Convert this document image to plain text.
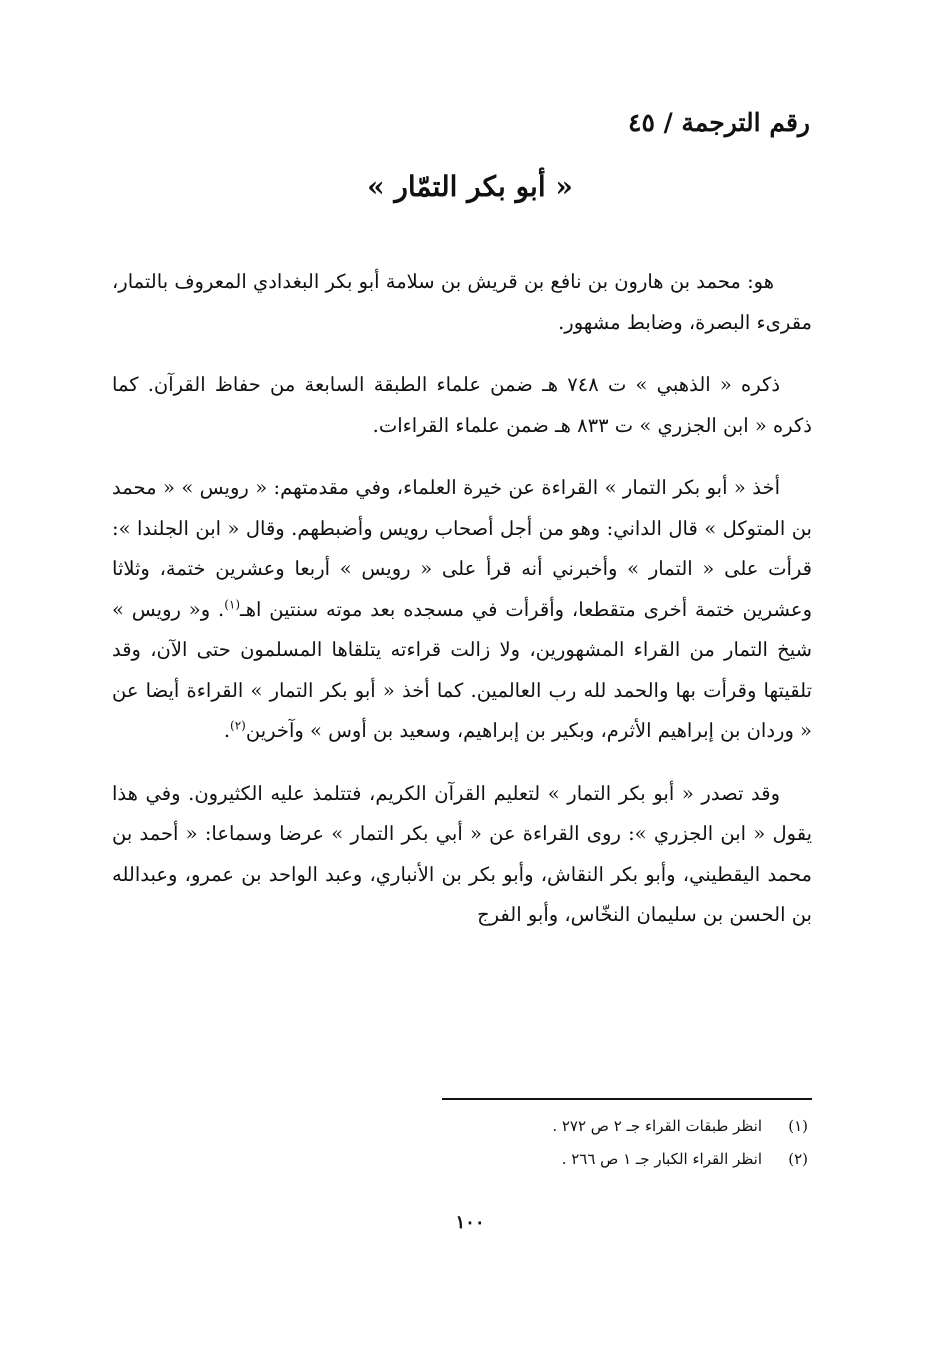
رقم الترجمة / ٤٥
« أبو بكر التمّار »

هو: محمد بن هارون بن نافع بن قريش بن سلامة أبو بكر البغدادي المعروف بالتمار، مقرىء البصرة، وضابط مشهور.

ذكره « الذهبي » ت ٧٤٨ هـ ضمن علماء الطبقة السابعة من حفاظ القرآن. كما ذكره « ابن الجزري » ت ٨٣٣ هـ ضمن علماء القراءات.

أخذ « أبو بكر التمار » القراءة عن خيرة العلماء، وفي مقدمتهم: « رويس » « محمد بن المتوكل » قال الداني: وهو من أجل أصحاب رويس وأضبطهم. وقال « ابن الجلندا »: قرأت على « التمار » وأخبرني أنه قرأ على « رويس » أربعا وعشرين ختمة، وثلاثا وعشرين ختمة أخرى متقطعا، وأقرأت في مسجده بعد موته سنتين اهـ$^{(١)}$. و« رويس » شيخ التمار من القراء المشهورين، ولا زالت قراءته يتلقاها المسلمون حتى الآن، وقد تلقيتها وقرأت بها والحمد لله رب العالمين. كما أخذ « أبو بكر التمار » القراءة أيضا عن « وردان بن إبراهيم الأثرم، وبكير بن إبراهيم، وسعيد بن أوس » وآخرين$^{(٢)}$.

وقد تصدر « أبو بكر التمار » لتعليم القرآن الكريم، فتتلمذ عليه الكثيرون. وفي هذا يقول « ابن الجزري »: روى القراءة عن « أبي بكر التمار » عرضا وسماعا: « أحمد بن محمد اليقطيني، وأبو بكر النقاش، وأبو بكر بن الأنباري، وعبد الواحد بن عمرو، وعبدالله بن الحسن بن سليمان النخّاس، وأبو الفرج

(١)
انظر طبقات القراء جـ ٢ ص ٢٧٢ .
(٢)
انظر القراء الكبار جـ ١ ص ٢٦٦ .
١٠٠
